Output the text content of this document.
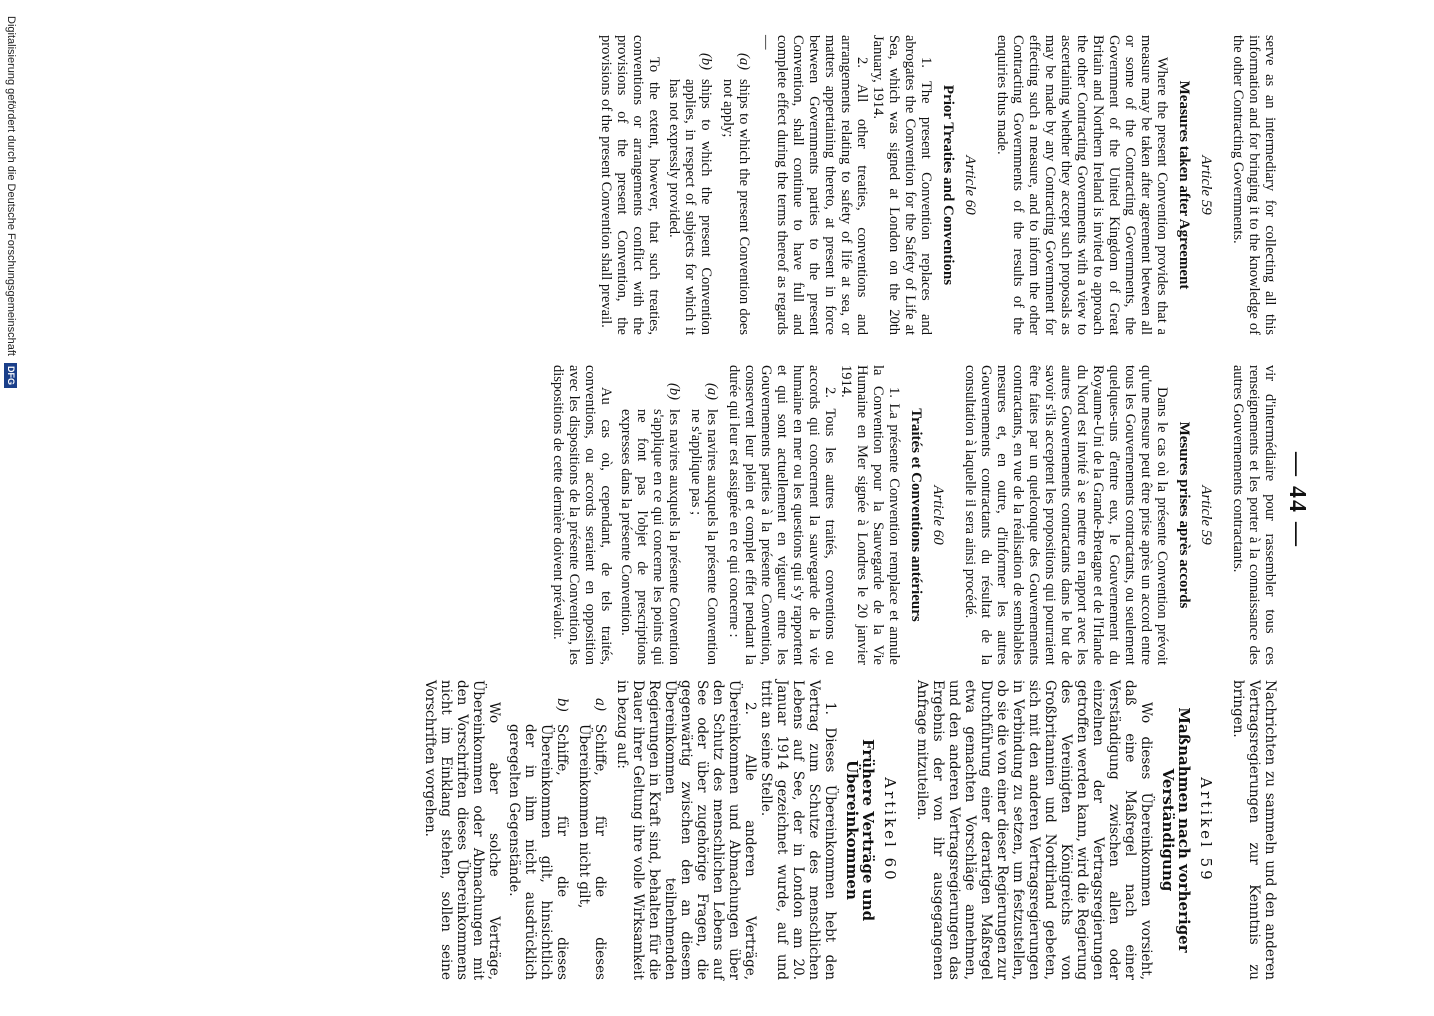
— 44 —

serve as an intermediary for collecting all this information and for bringing it to the knowledge of the other Contracting Governments.

Article 59
Measures taken after Agreement

Where the present Convention provides that a measure may be taken after agreement between all or some of the Contracting Governments, the Government of the United Kingdom of Great Britain and Northern Ireland is invited to approach the other Contracting Governments with a view to ascertaining whether they accept such proposals as may be made by any Contracting Government for effecting such a measure, and to inform the other Contracting Governments of the results of the enquiries thus made.

Article 60
Prior Treaties and Conventions

1. The present Convention replaces and abrogates the Convention for the Safety of Life at Sea, which was signed at London on the 20th January, 1914.

2. All other treaties, conventions and arrangements relating to safety of life at sea, or matters appertaining thereto, at present in force between Governments parties to the present Convention, shall continue to have full and complete effect during the terms thereof as regards—

(a)ships to which the present Convention does not apply;
(b)ships to which the present Convention applies, in respect of subjects for which it has not expressly provided.

To the extent, however, that such treaties, conventions or arrangements conflict with the provisions of the present Convention, the provisions of the present Convention shall prevail.

vir d'intermédiaire pour rassembler tous ces renseignements et les porter à la connaissance des autres Gouvernements contractants.

Article 59
Mesures prises après accords

Dans le cas où la présente Convention prévoit qu'une mesure peut être prise après un accord entre tous les Gouvernements contractants, ou seulement quelques-uns d'entre eux, le Gouvernement du Royaume-Uni de la Grande-Bretagne et de l'Irlande du Nord est invité à se mettre en rapport avec les autres Gouvernements contractants dans le but de savoir s'ils acceptent les propositions qui pourraient être faites par un quelconque des Gouvernements contractants, en vue de la réalisation de semblables mesures et, en outre, d'informer les autres Gouvernements contractants du résultat de la consultation à laquelle il sera ainsi procédé.

Article 60
Traités et Conventions antérieurs

1. La présente Convention remplace et annule la Convention pour la Sauvegarde de la Vie Humaine en Mer signée à Londres le 20 janvier 1914.

2. Tous les autres traités, conventions ou accords qui concernent la sauvegarde de la vie humaine en mer ou les questions qui s'y rapportent et qui sont actuellement en vigueur entre les Gouvernements parties à la présente Convention, conservent leur plein et complet effet pendant la durée qui leur est assignée en ce qui concerne :

(a)les navires auxquels la présente Convention ne s'applique pas ;
(b)les navires auxquels la présente Convention s'applique en ce qui concerne les points qui ne font pas l'objet de prescriptions expresses dans la présente Convention.

Au cas où, cependant, de tels traités, conventions, ou accords seraient en opposition avec les dispositions de la présente Convention, les dispositions de cette dernière doivent prévaloir.

Nachrichten zu sammeln und den anderen Vertragsregierungen zur Kenntnis zu bringen.

Artikel 59
Maßnahmen nach vorheriger Verständigung

Wo dieses Übereinkommen vorsieht, daß eine Maßregel nach einer Verständigung zwischen allen oder einzelnen der Vertragsregierungen getroffen werden kann, wird die Regierung des Vereinigten Königreichs von Großbritannien und Nordirland gebeten, sich mit den anderen Vertragsregierungen in Verbindung zu setzen, um festzustellen, ob sie die von einer dieser Regierungen zur Durchführung einer derartigen Maßregel etwa gemachten Vorschläge annehmen, und den anderen Vertragsregierungen das Ergebnis der von ihr ausgegangenen Anfrage mitzuteilen.

Artikel 60
Frühere Verträge und Übereinkommen

1. Dieses Übereinkommen hebt den Vertrag zum Schutze des menschlichen Lebens auf See, der in London am 20. Januar 1914 gezeichnet wurde, auf und tritt an seine Stelle.

2. Alle anderen Verträge, Übereinkommen und Abmachungen über den Schutz des menschlichen Lebens auf See oder über zugehörige Fragen, die gegenwärtig zwischen den an diesem Übereinkommen teilnehmenden Regierungen in Kraft sind, behalten für die Dauer ihrer Geltung ihre volle Wirksamkeit in bezug auf:

a)Schiffe, für die dieses Übereinkommen nicht gilt,
b)Schiffe, für die dieses Übereinkommen gilt, hinsichtlich der in ihm nicht ausdrücklich geregelten Gegenstände.

Wo aber solche Verträge, Übereinkommen oder Abmachungen mit den Vorschriften dieses Übereinkommens nicht im Einklang stehen, sollen seine Vorschriften vorgehen.

Digitalisierung gefördert durch die Deutsche Forschungsgemeinschaft DFG
